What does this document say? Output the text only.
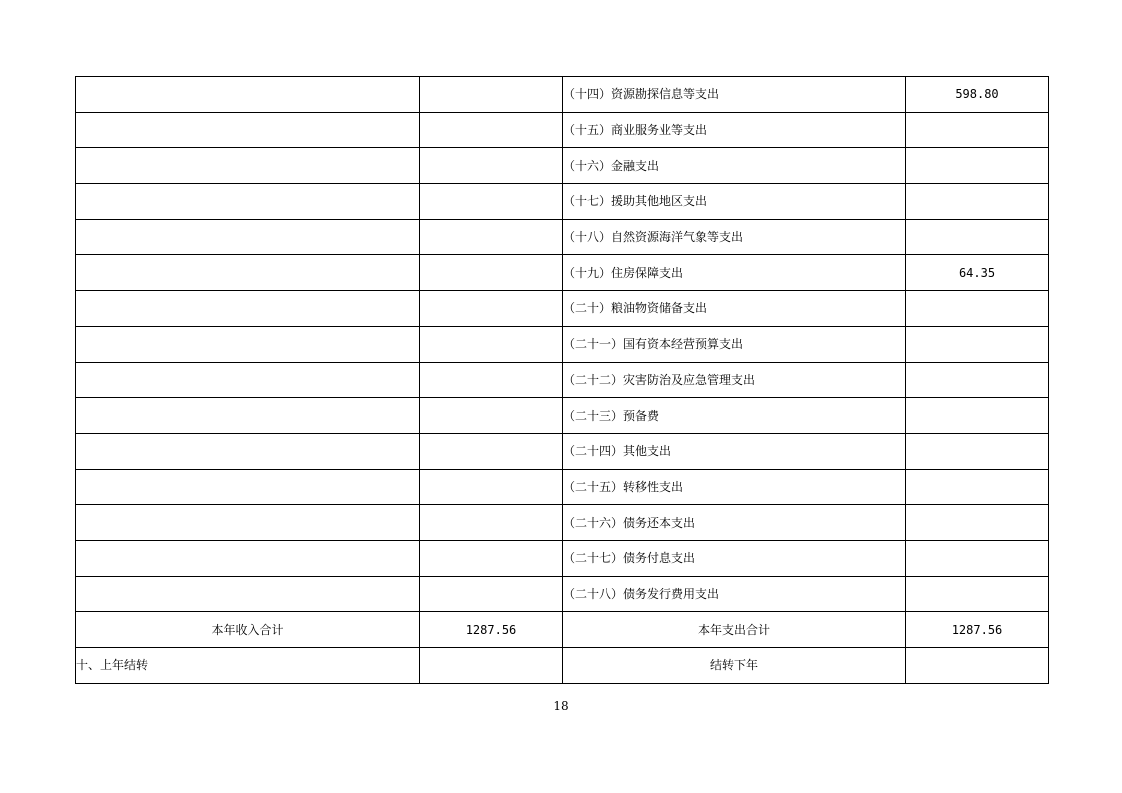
		（十四）资源勘探信息等支出	598.80
		（十五）商业服务业等支出	
		（十六）金融支出	
		（十七）援助其他地区支出	
		（十八）自然资源海洋气象等支出	
		（十九）住房保障支出	64.35
		（二十）粮油物资储备支出	
		（二十一）国有资本经营预算支出	
		（二十二）灾害防治及应急管理支出	
		（二十三）预备费	
		（二十四）其他支出	
		（二十五）转移性支出	
		（二十六）债务还本支出	
		（二十七）债务付息支出	
		（二十八）债务发行费用支出	
本年收入合计	1287.56	本年支出合计	1287.56
十、上年结转		结转下年	
18
